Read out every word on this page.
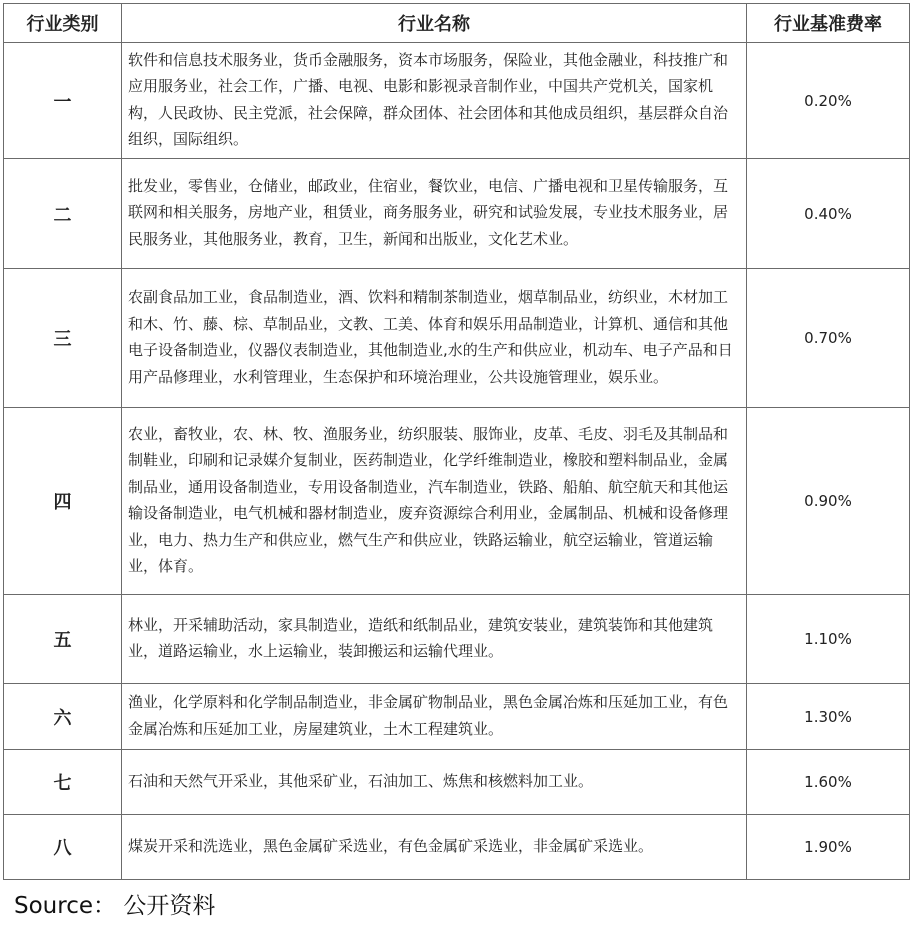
行业类别	行业名称	行业基准费率
一	软件和信息技术服务业，货币金融服务，资本市场服务，保险业，其他金融业，科技推广和应用服务业，社会工作，广播、电视、电影和影视录音制作业，中国共产党机关，国家机构，人民政协、民主党派，社会保障，群众团体、社会团体和其他成员组织，基层群众自治组织，国际组织。	0.20%
二	批发业，零售业，仓储业，邮政业，住宿业，餐饮业，电信、广播电视和卫星传输服务，互联网和相关服务，房地产业，租赁业，商务服务业，研究和试验发展，专业技术服务业，居民服务业，其他服务业，教育，卫生，新闻和出版业，文化艺术业。	0.40%
三	农副食品加工业，食品制造业，酒、饮料和精制茶制造业，烟草制品业，纺织业，木材加工和木、竹、藤、棕、草制品业，文教、工美、体育和娱乐用品制造业，计算机、通信和其他电子设备制造业，仪器仪表制造业，其他制造业,水的生产和供应业，机动车、电子产品和日用产品修理业，水利管理业，生态保护和环境治理业，公共设施管理业，娱乐业。	0.70%
四	农业，畜牧业，农、林、牧、渔服务业，纺织服装、服饰业，皮革、毛皮、羽毛及其制品和制鞋业，印刷和记录媒介复制业，医药制造业，化学纤维制造业，橡胶和塑料制品业，金属制品业，通用设备制造业，专用设备制造业，汽车制造业，铁路、船舶、航空航天和其他运输设备制造业，电气机械和器材制造业，废弃资源综合利用业，金属制品、机械和设备修理业，电力、热力生产和供应业，燃气生产和供应业，铁路运输业，航空运输业，管道运输业，体育。	0.90%
五	林业，开采辅助活动，家具制造业，造纸和纸制品业，建筑安装业，建筑装饰和其他建筑业，道路运输业，水上运输业，装卸搬运和运输代理业。	1.10%
六	渔业，化学原料和化学制品制造业，非金属矿物制品业，黑色金属冶炼和压延加工业，有色金属冶炼和压延加工业，房屋建筑业，土木工程建筑业。	1.30%
七	石油和天然气开采业，其他采矿业，石油加工、炼焦和核燃料加工业。	1.60%
八	煤炭开采和洗选业，黑色金属矿采选业，有色金属矿采选业，非金属矿采选业。	1.90%
Source： 公开资料
